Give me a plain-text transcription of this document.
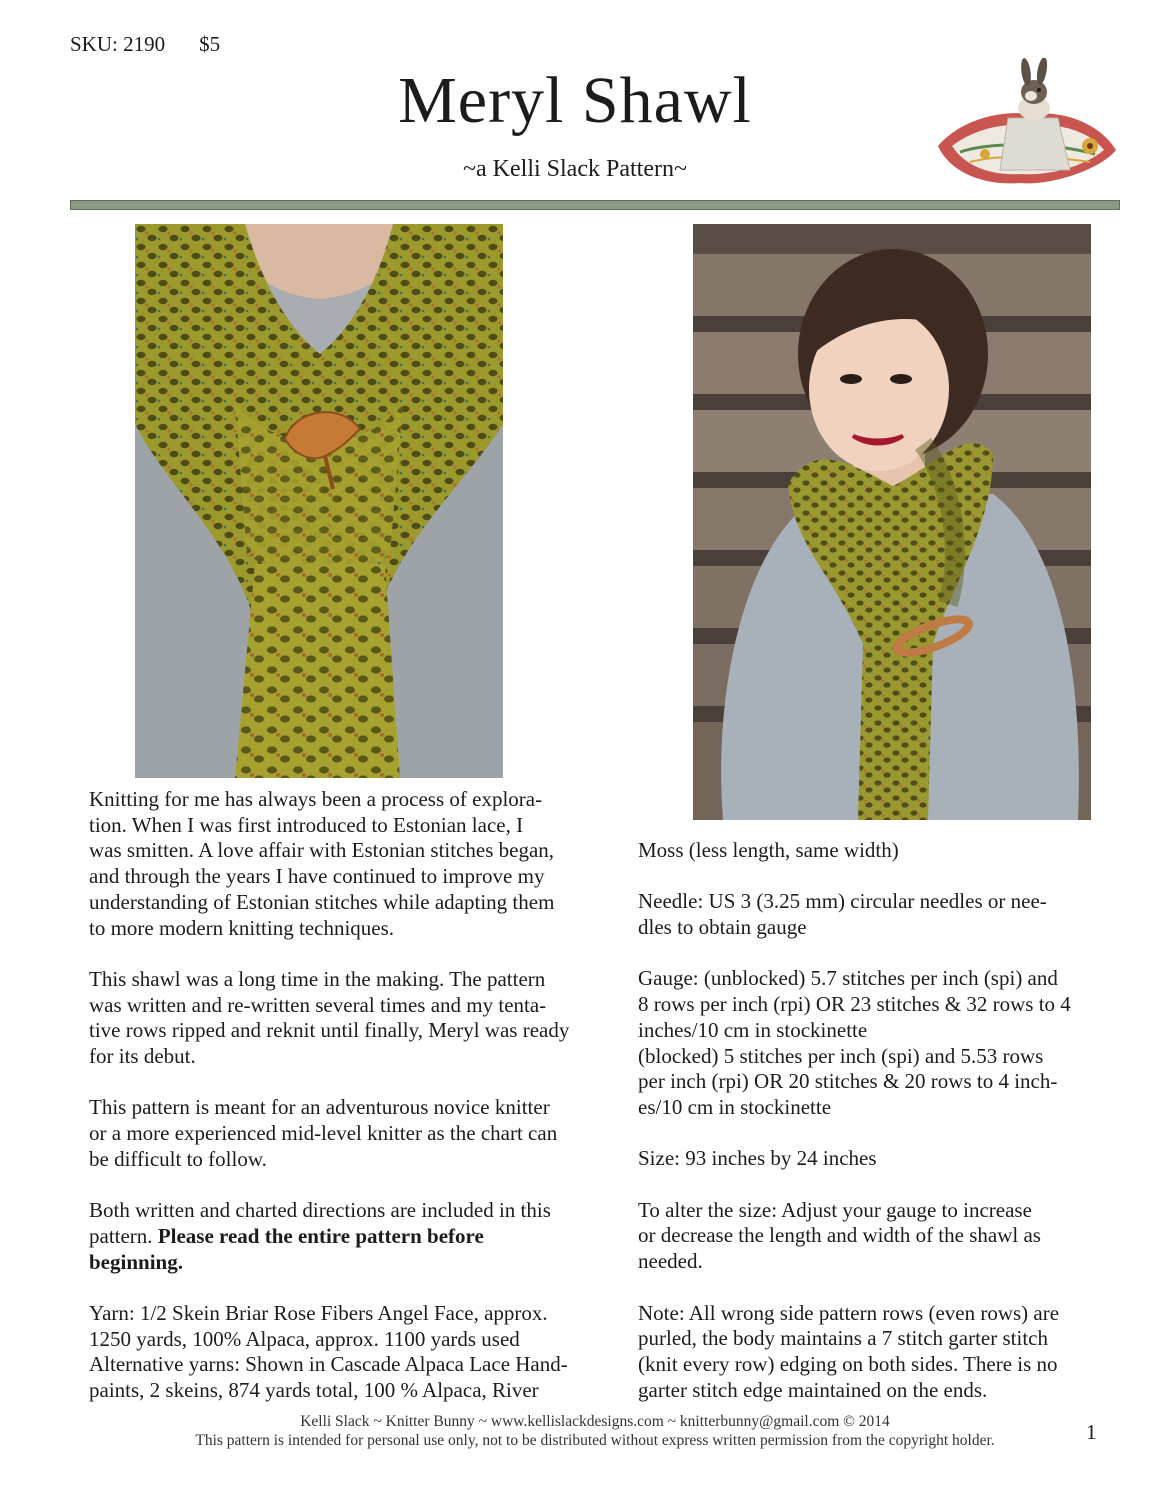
SKU: 2190 $5
Meryl Shawl
~a Kelli Slack Pattern~

Knitting for me has always been a process of explora-
tion. When I was first introduced to Estonian lace, I
was smitten. A love affair with Estonian stitches began,
and through the years I have continued to improve my
understanding of Estonian stitches while adapting them
to more modern knitting techniques.

This shawl was a long time in the making. The pattern
was written and re-written several times and my tenta-
tive rows ripped and reknit until finally, Meryl was ready
for its debut.

This pattern is meant for an adventurous novice knitter
or a more experienced mid-level knitter as the chart can
be difficult to follow.

Both written and charted directions are included in this
pattern. Please read the entire pattern before
beginning.

Yarn: 1/2 Skein Briar Rose Fibers Angel Face, approx.
1250 yards, 100% Alpaca, approx. 1100 yards used
Alternative yarns: Shown in Cascade Alpaca Lace Hand-
paints, 2 skeins, 874 yards total, 100 % Alpaca, River

Moss (less length, same width)

Needle: US 3 (3.25 mm) circular needles or nee-
dles to obtain gauge

Gauge: (unblocked) 5.7 stitches per inch (spi) and
8 rows per inch (rpi) OR 23 stitches & 32 rows to 4
inches/10 cm in stockinette
(blocked) 5 stitches per inch (spi) and 5.53 rows
per inch (rpi) OR 20 stitches & 20 rows to 4 inch-
es/10 cm in stockinette

Size: 93 inches by 24 inches

To alter the size: Adjust your gauge to increase
or decrease the length and width of the shawl as
needed.

Note: All wrong side pattern rows (even rows) are
purled, the body maintains a 7 stitch garter stitch
(knit every row) edging on both sides. There is no
garter stitch edge maintained on the ends.

Kelli Slack ~ Knitter Bunny ~ www.kellislackdesigns.com ~ knitterbunny@gmail.com © 2014
This pattern is intended for personal use only, not to be distributed without express written permission from the copyright holder.	1
